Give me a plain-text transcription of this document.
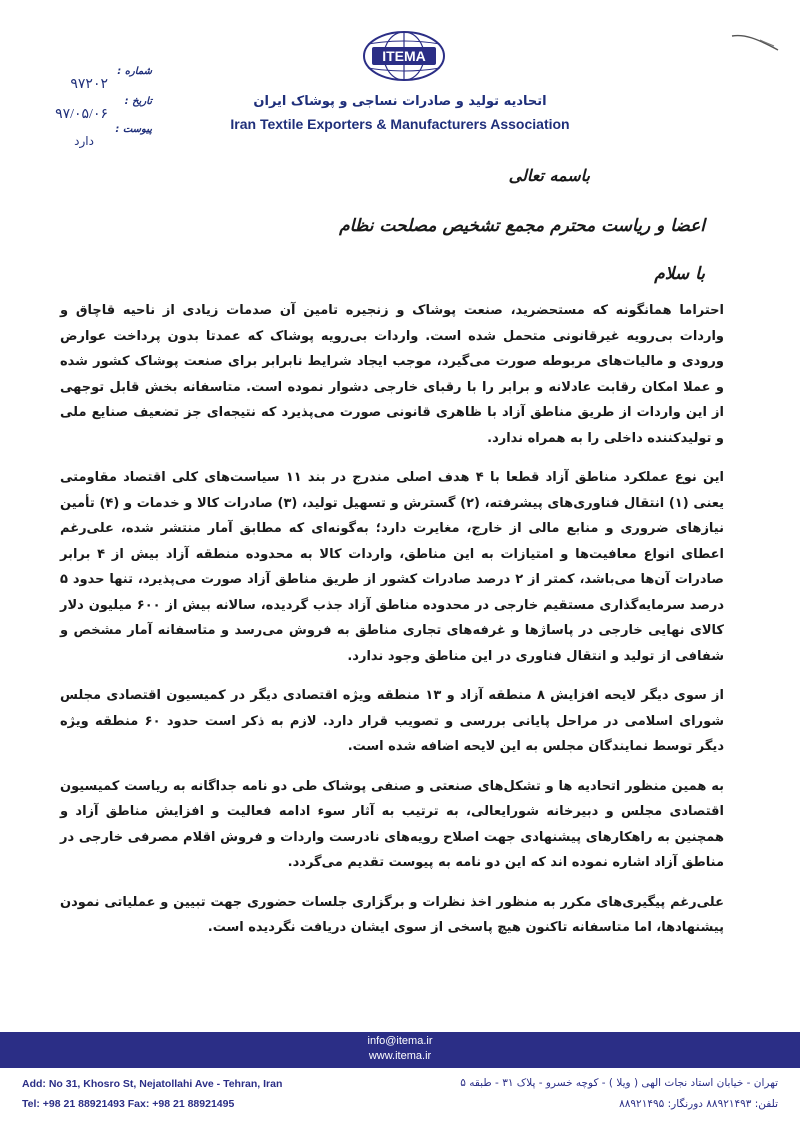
ITEMA
اتحادیه تولید و صادرات نساجی و پوشاک ایران
Iran Textile Exporters & Manufacturers Association
شماره :
۹۷۲۰۲
تاریخ :
۹۷/۰۵/۰۶
پیوست :
دارد
باسمه تعالی
اعضا و ریاست محترم مجمع تشخیص مصلحت نظام
با سلام

احتراما همانگونه که مستحضرید، صنعت پوشاک و زنجیره تامین آن صدمات زیادی از ناحیه قاچاق و واردات بی‌رویه غیرقانونی متحمل شده است. واردات بی‌رویه پوشاک که عمدتا بدون پرداخت عوارض ورودی و مالیات‌های مربوطه صورت می‌گیرد، موجب ایجاد شرایط نابرابر برای صنعت پوشاک کشور شده و عملا امکان رقابت عادلانه و برابر را با رقبای خارجی دشوار نموده است. متاسفانه بخش قابل توجهی از این واردات از طریق مناطق آزاد با ظاهری قانونی صورت می‌پذیرد که نتیجه‌ای جز تضعیف صنایع ملی و تولیدکننده داخلی را به همراه ندارد.

این نوع عملکرد مناطق آزاد قطعا با ۴ هدف اصلی مندرج در بند ۱۱ سیاست‌های کلی اقتصاد مقاومتی یعنی (۱) انتقال فناوری‌های پیشرفته، (۲) گسترش و تسهیل تولید، (۳) صادرات کالا و خدمات و (۴) تأمین نیازهای ضروری و منابع مالی از خارج، مغایرت دارد؛ به‌گونه‌ای که مطابق آمار منتشر شده، علی‌رغم اعطای انواع معافیت‌ها و امتیازات به این مناطق، واردات کالا به محدوده منطقه آزاد بیش از ۴ برابر صادرات آن‌ها می‌باشد، کمتر از ۲ درصد صادرات کشور از طریق مناطق آزاد صورت می‌پذیرد، تنها حدود ۵ درصد سرمایه‌گذاری مستقیم خارجی در محدوده مناطق آزاد جذب گردیده، سالانه بیش از ۶۰۰ میلیون دلار کالای نهایی خارجی در پاساژها و غرفه‌های تجاری مناطق به فروش می‌رسد و متاسفانه آمار مشخص و شفافی از تولید و انتقال فناوری در این مناطق وجود ندارد.

از سوی دیگر لایحه افزایش ۸ منطقه آزاد و ۱۳ منطقه ویژه اقتصادی دیگر در کمیسیون اقتصادی مجلس شورای اسلامی در مراحل پایانی بررسی و تصویب قرار دارد. لازم به ذکر است حدود ۶۰ منطقه ویژه دیگر توسط نمایندگان مجلس به این لایحه اضافه شده است.

به همین منظور اتحادیه ها و تشکل‌های صنعتی و صنفی پوشاک طی دو نامه جداگانه به ریاست کمیسیون اقتصادی مجلس و دبیرخانه شورایعالی، به ترتیب به آثار سوء ادامه فعالیت و افزایش مناطق آزاد و همچنین به راهکارهای پیشنهادی جهت اصلاح رویه‌های نادرست واردات و فروش اقلام مصرفی خارجی در مناطق آزاد اشاره نموده اند که این دو نامه به پیوست تقدیم می‌گردد.

علی‌رغم پیگیری‌های مکرر به منظور اخذ نظرات و برگزاری جلسات حضوری جهت تبیین و عملیاتی نمودن پیشنهادها، اما متاسفانه تاکنون هیچ پاسخی از سوی ایشان دریافت نگردیده است.

info@itema.ir
www.itema.ir
Add: No 31, Khosro St, Nejatollahi Ave - Tehran, Iran
Tel: +98 21 88921493 Fax: +98 21 88921495
تهران - خیابان استاد نجات الهی ( ویلا ) - کوچه خسرو - پلاک ۳۱ - طبقه ۵
تلفن: ۸۸۹۲۱۴۹۳ دورنگار: ۸۸۹۲۱۴۹۵
